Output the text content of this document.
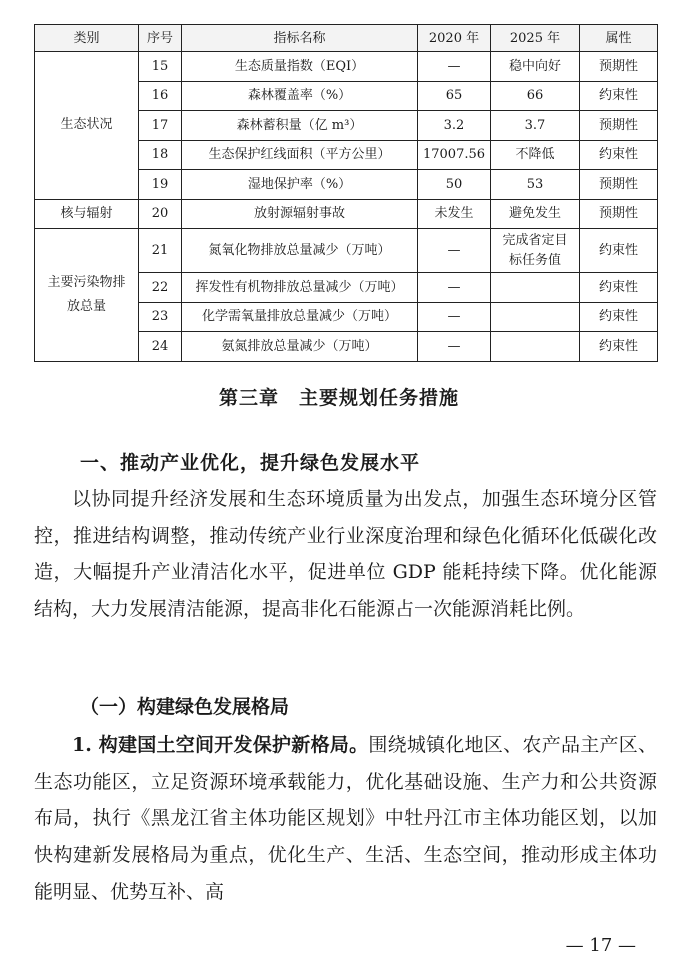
类别	序号	指标名称	2020 年	2025 年	属性
生态状况	15	生态质量指数（EQI）	—	稳中向好	预期性
	16	森林覆盖率（%）	65	66	约束性
	17	森林蓄积量（亿 m³）	3.2	3.7	预期性
	18	生态保护红线面积（平方公里）	17007.56	不降低	约束性
	19	湿地保护率（%）	50	53	预期性
核与辐射	20	放射源辐射事故	未发生	避免发生	预期性
主要污染物排放总量	21	氮氧化物排放总量减少（万吨）	—	完成省定目标任务值	约束性
	22	挥发性有机物排放总量减少（万吨）	—		约束性
	23	化学需氧量排放总量减少（万吨）	—		约束性
	24	氨氮排放总量减少（万吨）	—		约束性
第三章　主要规划任务措施
一、推动产业优化，提升绿色发展水平

以协同提升经济发展和生态环境质量为出发点，加强生态环境分区管控，推进结构调整，推动传统产业行业深度治理和绿色化循环化低碳化改造，大幅提升产业清洁化水平，促进单位 GDP 能耗持续下降。优化能源结构，大力发展清洁能源，提高非化石能源占一次能源消耗比例。

（一）构建绿色发展格局

1. 构建国土空间开发保护新格局。围绕城镇化地区、农产品主产区、生态功能区，立足资源环境承载能力，优化基础设施、生产力和公共资源布局，执行《黑龙江省主体功能区规划》中牡丹江市主体功能区划，以加快构建新发展格局为重点，优化生产、生活、生态空间，推动形成主体功能明显、优势互补、高

— 17 —
